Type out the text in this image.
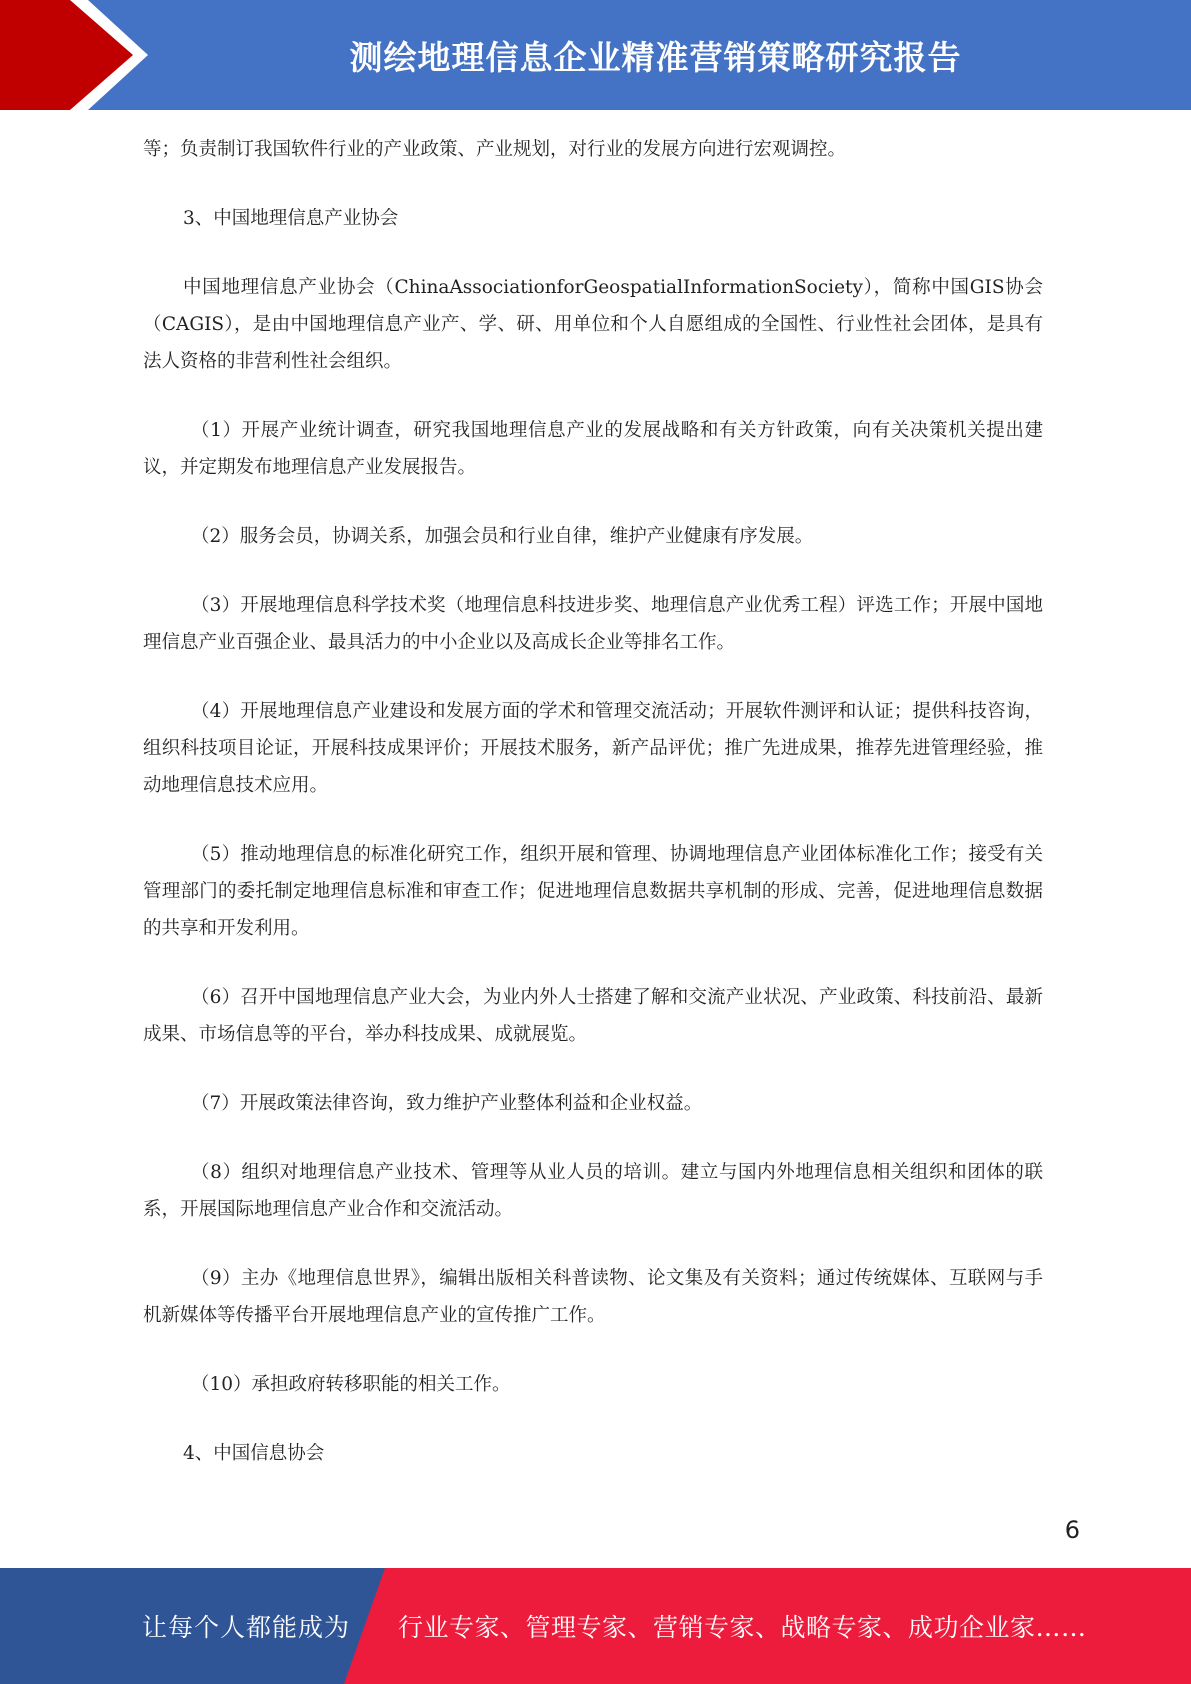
测绘地理信息企业精准营销策略研究报告

等；负责制订我国软件行业的产业政策、产业规划，对行业的发展方向进行宏观调控。

3、中国地理信息产业协会

中国地理信息产业协会（ChinaAssociationforGeospatialInformationSociety），简称中国GIS协会（CAGIS），是由中国地理信息产业产、学、研、用单位和个人自愿组成的全国性、行业性社会团体，是具有法人资格的非营利性社会组织。

（1）开展产业统计调查，研究我国地理信息产业的发展战略和有关方针政策，向有关决策机关提出建议，并定期发布地理信息产业发展报告。

（2）服务会员，协调关系，加强会员和行业自律，维护产业健康有序发展。

（3）开展地理信息科学技术奖（地理信息科技进步奖、地理信息产业优秀工程）评选工作；开展中国地理信息产业百强企业、最具活力的中小企业以及高成长企业等排名工作。

（4）开展地理信息产业建设和发展方面的学术和管理交流活动；开展软件测评和认证；提供科技咨询，组织科技项目论证，开展科技成果评价；开展技术服务，新产品评优；推广先进成果，推荐先进管理经验，推动地理信息技术应用。

（5）推动地理信息的标准化研究工作，组织开展和管理、协调地理信息产业团体标准化工作；接受有关管理部门的委托制定地理信息标准和审查工作；促进地理信息数据共享机制的形成、完善，促进地理信息数据的共享和开发利用。

（6）召开中国地理信息产业大会，为业内外人士搭建了解和交流产业状况、产业政策、科技前沿、最新成果、市场信息等的平台，举办科技成果、成就展览。

（7）开展政策法律咨询，致力维护产业整体利益和企业权益。

（8）组织对地理信息产业技术、管理等从业人员的培训。建立与国内外地理信息相关组织和团体的联系，开展国际地理信息产业合作和交流活动。

（9）主办《地理信息世界》，编辑出版相关科普读物、论文集及有关资料；通过传统媒体、互联网与手机新媒体等传播平台开展地理信息产业的宣传推广工作。

（10）承担政府转移职能的相关工作。

4、中国信息协会

6
让每个人都能成为 行业专家、管理专家、营销专家、战略专家、成功企业家……
